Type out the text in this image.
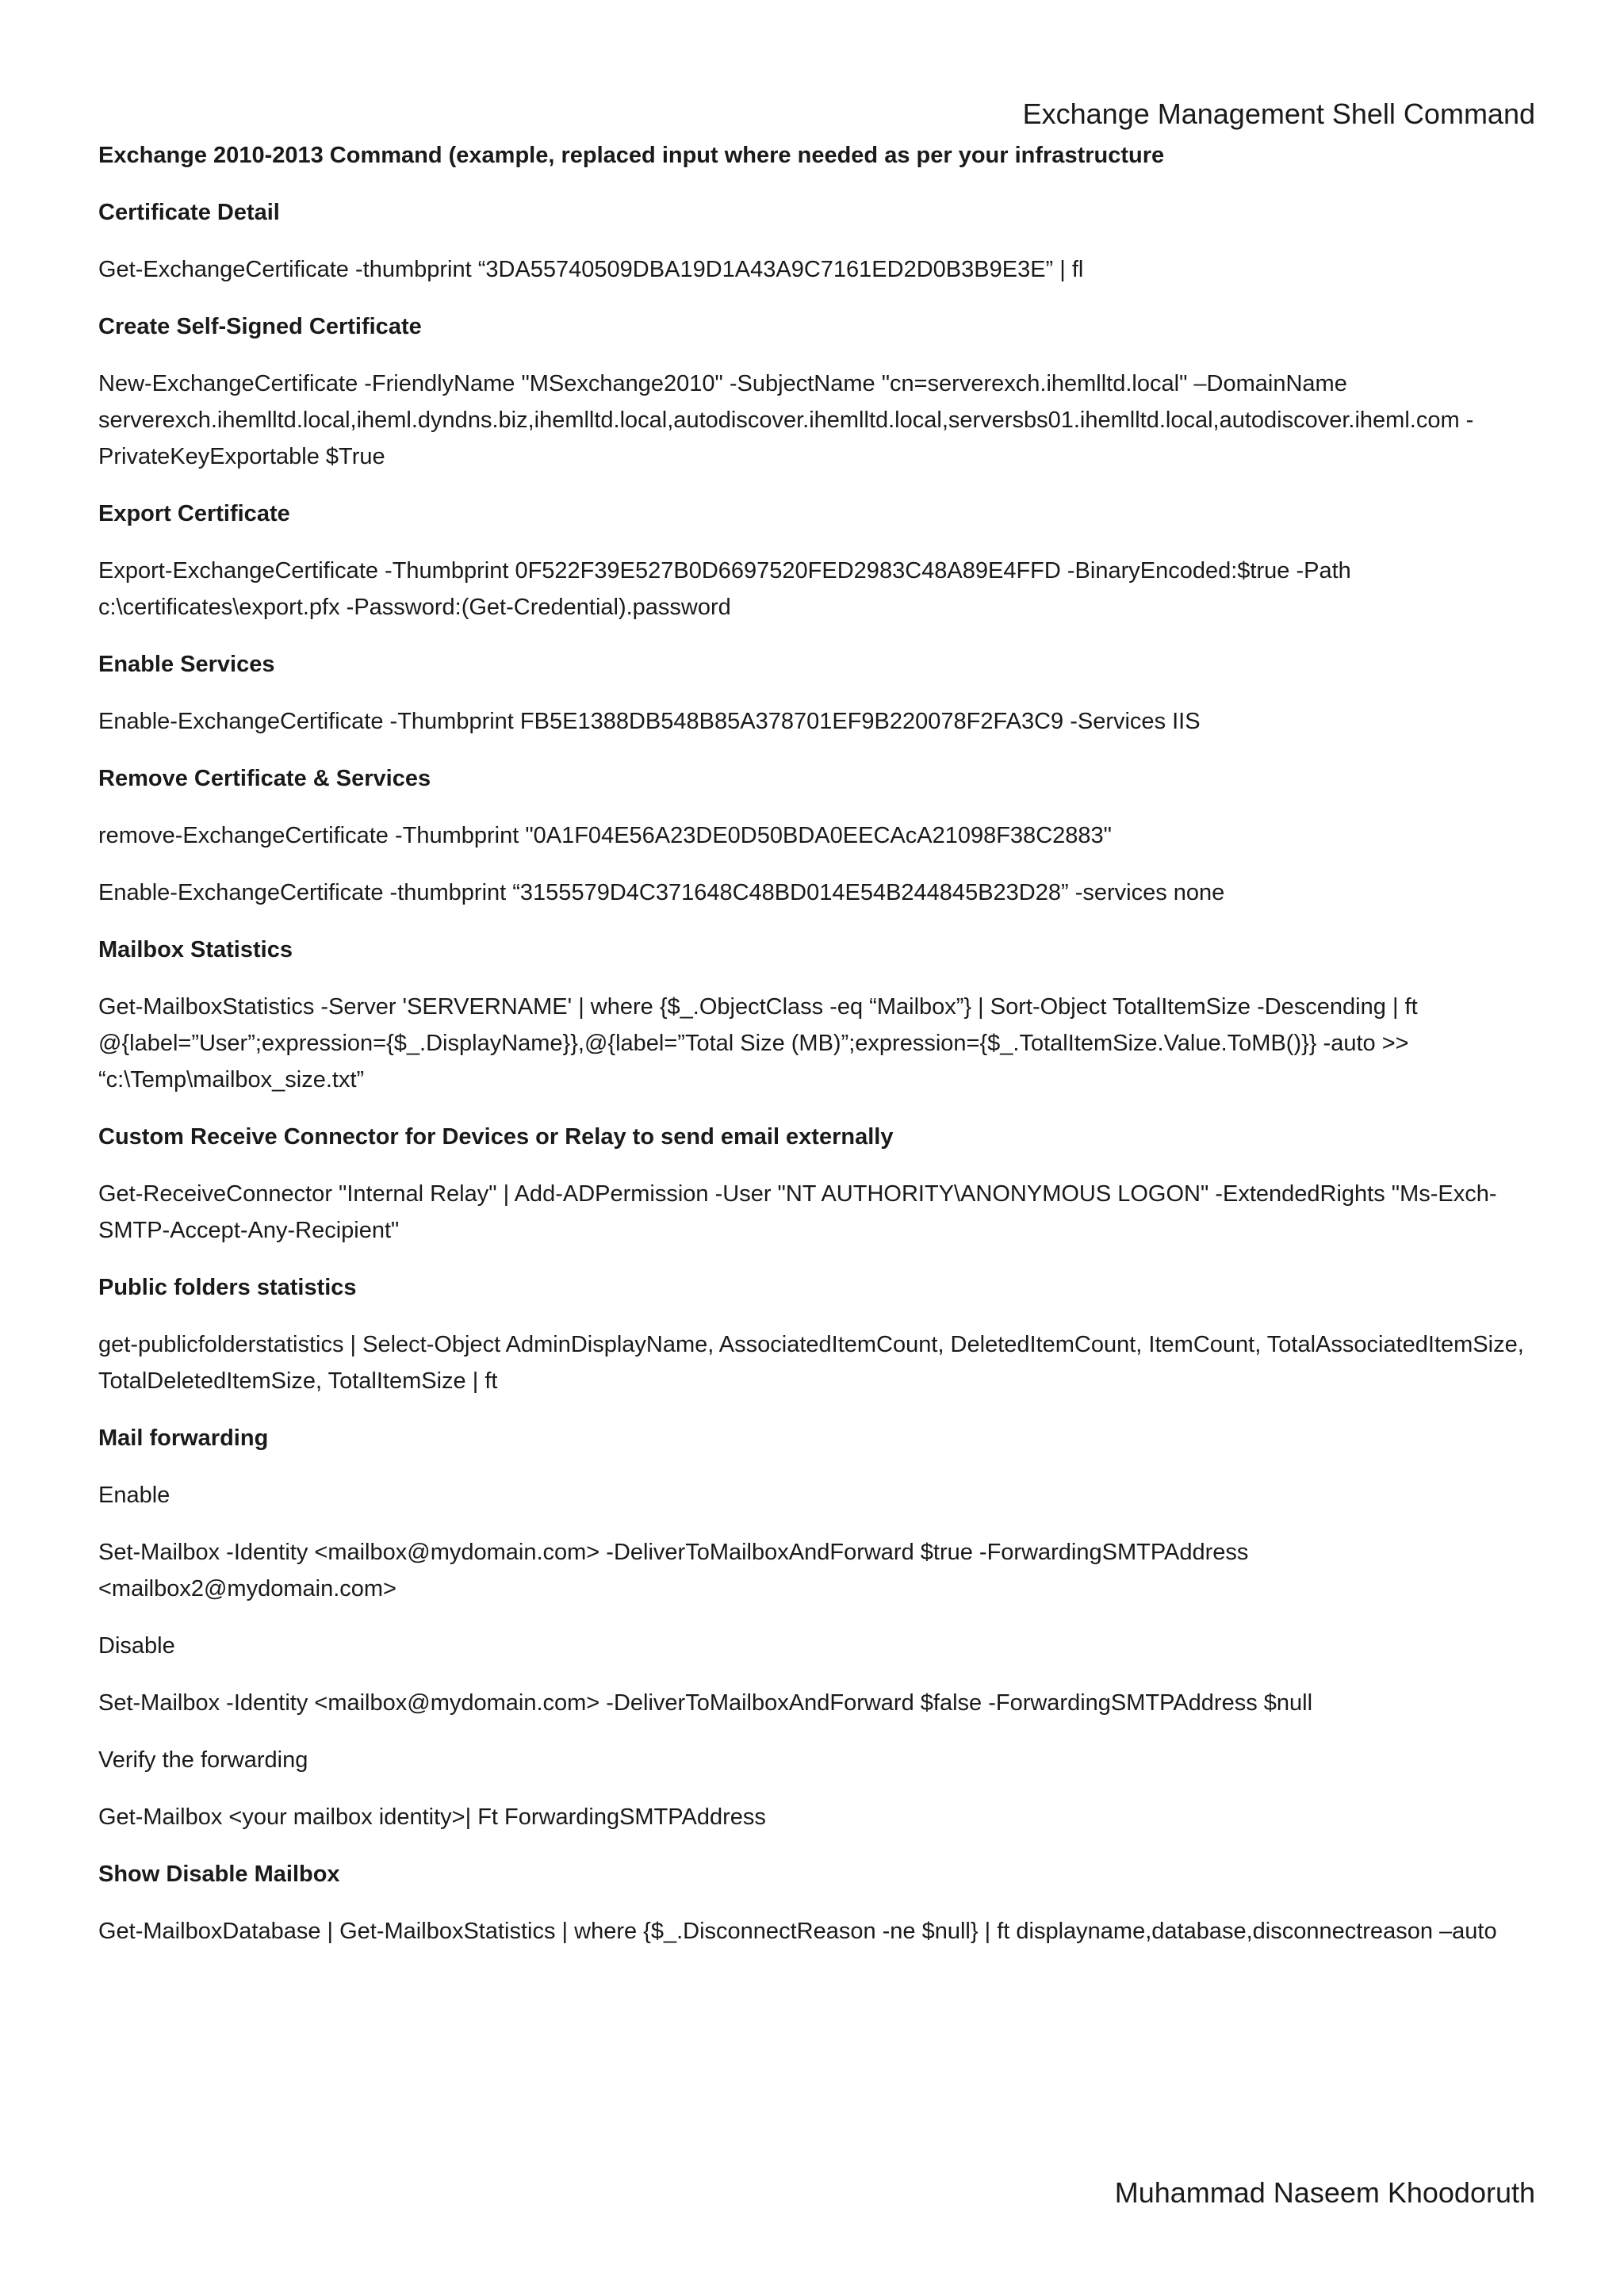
Exchange Management Shell Command

Exchange 2010-2013 Command (example, replaced input where needed as per your infrastructure

Certificate Detail

Get-ExchangeCertificate -thumbprint “3DA55740509DBA19D1A43A9C7161ED2D0B3B9E3E” | fl

Create Self-Signed Certificate

New-ExchangeCertificate -FriendlyName "MSexchange2010" -SubjectName "cn=serverexch.ihemlltd.local" –DomainName serverexch.ihemlltd.local,iheml.dyndns.biz,ihemlltd.local,autodiscover.ihemlltd.local,serversbs01.ihemlltd.local,autodiscover.iheml.com -PrivateKeyExportable $True

Export Certificate

Export-ExchangeCertificate -Thumbprint 0F522F39E527B0D6697520FED2983C48A89E4FFD -BinaryEncoded:$true -Path c:\certificates\export.pfx -Password:(Get-Credential).password

Enable Services

Enable-ExchangeCertificate -Thumbprint FB5E1388DB548B85A378701EF9B220078F2FA3C9 -Services IIS

Remove Certificate & Services

remove-ExchangeCertificate -Thumbprint "0A1F04E56A23DE0D50BDA0EECAcA21098F38C2883"

Enable-ExchangeCertificate -thumbprint “3155579D4C371648C48BD014E54B244845B23D28” -services none

Mailbox Statistics

Get-MailboxStatistics -Server 'SERVERNAME' | where {$_.ObjectClass -eq “Mailbox”} | Sort-Object TotalItemSize -Descending | ft @{label=”User”;expression={$_.DisplayName}},@{label=”Total Size (MB)”;expression={$_.TotalItemSize.Value.ToMB()}} -auto >> “c:\Temp\mailbox_size.txt”

Custom Receive Connector for Devices or Relay to send email externally

Get-ReceiveConnector "Internal Relay" | Add-ADPermission -User "NT AUTHORITY\ANONYMOUS LOGON" -ExtendedRights "Ms-Exch-SMTP-Accept-Any-Recipient"

Public folders statistics

get-publicfolderstatistics | Select-Object AdminDisplayName, AssociatedItemCount, DeletedItemCount, ItemCount, TotalAssociatedItemSize, TotalDeletedItemSize, TotalItemSize | ft

Mail forwarding

Enable

Set-Mailbox -Identity <mailbox@mydomain.com> -DeliverToMailboxAndForward $true -ForwardingSMTPAddress <mailbox2@mydomain.com>

Disable

Set-Mailbox -Identity <mailbox@mydomain.com> -DeliverToMailboxAndForward $false -ForwardingSMTPAddress $null

Verify the forwarding

Get-Mailbox <your mailbox identity>| Ft ForwardingSMTPAddress

Show Disable Mailbox

Get-MailboxDatabase | Get-MailboxStatistics | where {$_.DisconnectReason -ne $null} | ft displayname,database,disconnectreason –auto

Muhammad Naseem Khoodoruth
